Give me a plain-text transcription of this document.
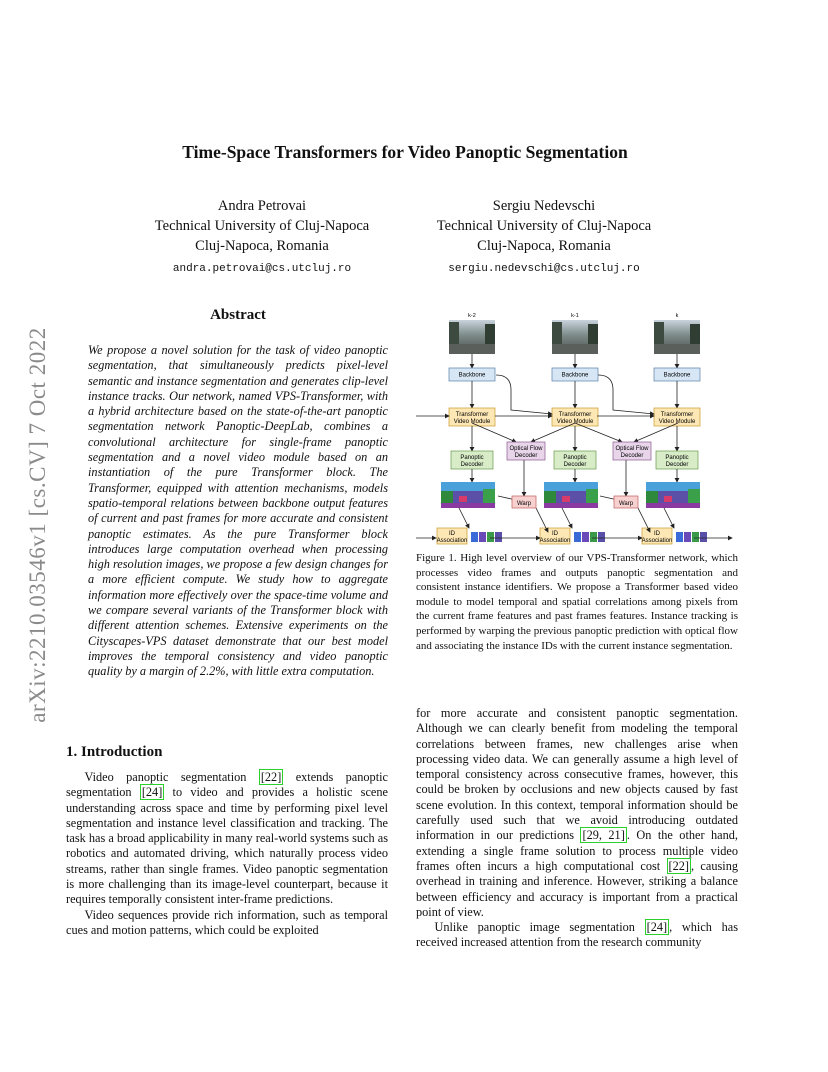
arXiv:2210.03546v1 [cs.CV] 7 Oct 2022
Time-Space Transformers for Video Panoptic Segmentation
Andra Petrovai
Technical University of Cluj-Napoca
Cluj-Napoca, Romania
andra.petrovai@cs.utcluj.ro
Sergiu Nedevschi
Technical University of Cluj-Napoca
Cluj-Napoca, Romania
sergiu.nedevschi@cs.utcluj.ro
Abstract
We propose a novel solution for the task of video panoptic segmentation, that simultaneously predicts pixel-level semantic and instance segmentation and generates clip-level instance tracks. Our network, named VPS-Transformer, with a hybrid architecture based on the state-of-the-art panoptic segmentation network Panoptic-DeepLab, combines a convolutional architecture for single-frame panoptic segmentation and a novel video module based on an instantiation of the pure Transformer block. The Transformer, equipped with attention mechanisms, models spatio-temporal relations between backbone output features of current and past frames for more accurate and consistent panoptic estimates. As the pure Transformer block introduces large computation overhead when processing high resolution images, we propose a few design changes for a more efficient compute. We study how to aggregate information more effectively over the space-time volume and we compare several variants of the Transformer block with different attention schemes. Extensive experiments on the Cityscapes-VPS dataset demonstrate that our best model improves the temporal consistency and video panoptic quality by a margin of 2.2%, with little extra computation.
1. Introduction

Video panoptic segmentation [22] extends panoptic segmentation [24] to video and provides a holistic scene understanding across space and time by performing pixel level segmentation and instance level classification and tracking. The task has a broad applicability in many real-world systems such as robotics and automated driving, which naturally process video streams, rather than single frames. Video panoptic segmentation is more challenging than its image-level counterpart, because it requires temporally consistent inter-frame predictions.

Video sequences provide rich information, such as temporal cues and motion patterns, which could be exploited

k-2
Backbone
Transformer
Video Module
Panoptic
Decoder
ID
Association
k-1
Backbone
Transformer
Video Module
Panoptic
Decoder
ID
Association
k
Backbone
Transformer
Video Module
Panoptic
Decoder
ID
Association
Warp	Warp
Optical Flow
Decoder
Optical Flow
Decoder
Figure 1. High level overview of our VPS-Transformer network, which processes video frames and outputs panoptic segmentation and consistent instance identifiers. We propose a Transformer based video module to model temporal and spatial correlations among pixels from the current frame features and past frames features. Instance tracking is performed by warping the previous panoptic prediction with optical flow and associating the instance IDs with the current instance segmentation.

for more accurate and consistent panoptic segmentation. Although we can clearly benefit from modeling the temporal correlations between frames, new challenges arise when processing video data. We can generally assume a high level of temporal consistency across consecutive frames, however, this could be broken by occlusions and new objects caused by fast scene evolution. In this context, temporal information should be carefully used such that we avoid introducing outdated information in our predictions [29, 21] . On the other hand, extending a single frame solution to process multiple video frames often incurs a high computational cost [22] , causing overhead in training and inference. However, striking a balance between efficiency and accuracy is important from a practical point of view.

Unlike panoptic image segmentation [24] , which has received increased attention from the research community
